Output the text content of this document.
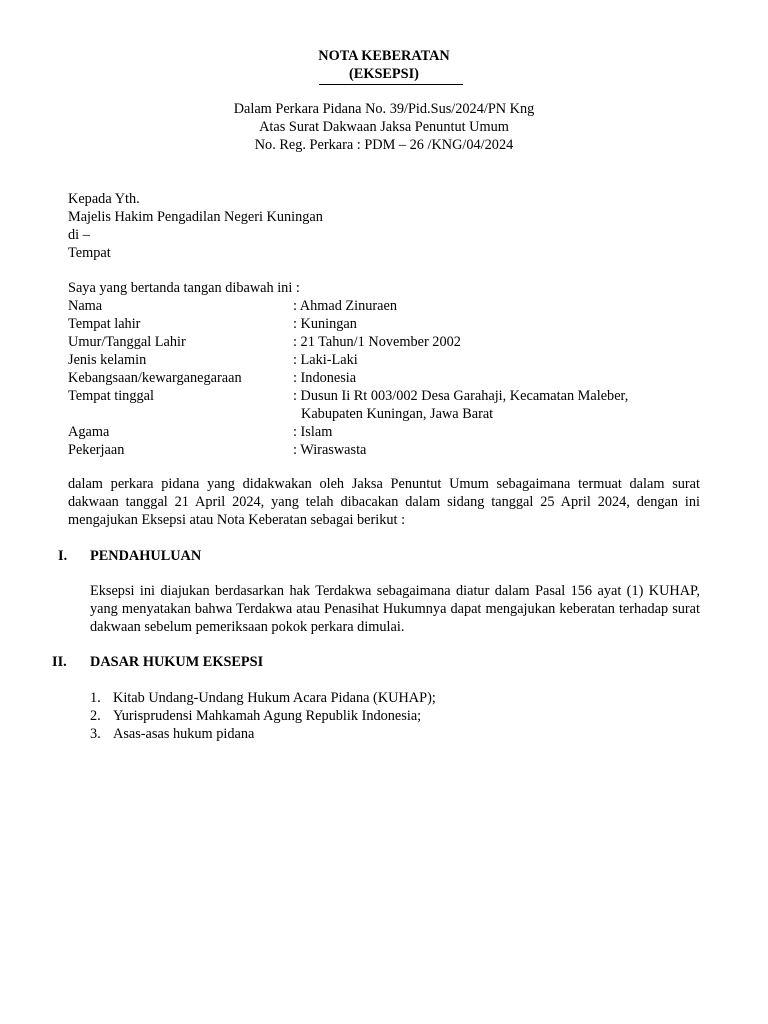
NOTA KEBERATAN
(EKSEPSI)
Dalam Perkara Pidana No. 39/Pid.Sus/2024/PN Kng
Atas Surat Dakwaan Jaksa Penuntut Umum
No. Reg. Perkara : PDM – 26 /KNG/04/2024
Kepada Yth.
Majelis Hakim Pengadilan Negeri Kuningan
di –
Tempat
Saya yang bertanda tangan dibawah ini :
Nama	: Ahmad Zinuraen
Tempat lahir	: Kuningan
Umur/Tanggal Lahir	: 21 Tahun/1 November 2002
Jenis kelamin	: Laki-Laki
Kebangsaan/kewarganegaraan	: Indonesia
Tempat tinggal	: Dusun Ii Rt 003/002 Desa Garahaji, Kecamatan Maleber,
Kabupaten Kuningan, Jawa Barat
Agama	: Islam
Pekerjaan	: Wiraswasta

dalam perkara pidana yang didakwakan oleh Jaksa Penuntut Umum sebagaimana termuat dalam surat dakwaan tanggal 21 April 2024, yang telah dibacakan dalam sidang tanggal 25 April 2024, dengan ini mengajukan Eksepsi atau Nota Keberatan sebagai berikut :

I. PENDAHULUAN

Eksepsi ini diajukan berdasarkan hak Terdakwa sebagaimana diatur dalam Pasal 156 ayat (1) KUHAP, yang menyatakan bahwa Terdakwa atau Penasihat Hukumnya dapat mengajukan keberatan terhadap surat dakwaan sebelum pemeriksaan pokok perkara dimulai.

II. DASAR HUKUM EKSEPSI
1. Kitab Undang-Undang Hukum Acara Pidana (KUHAP);
2. Yurisprudensi Mahkamah Agung Republik Indonesia;
3. Asas-asas hukum pidana
